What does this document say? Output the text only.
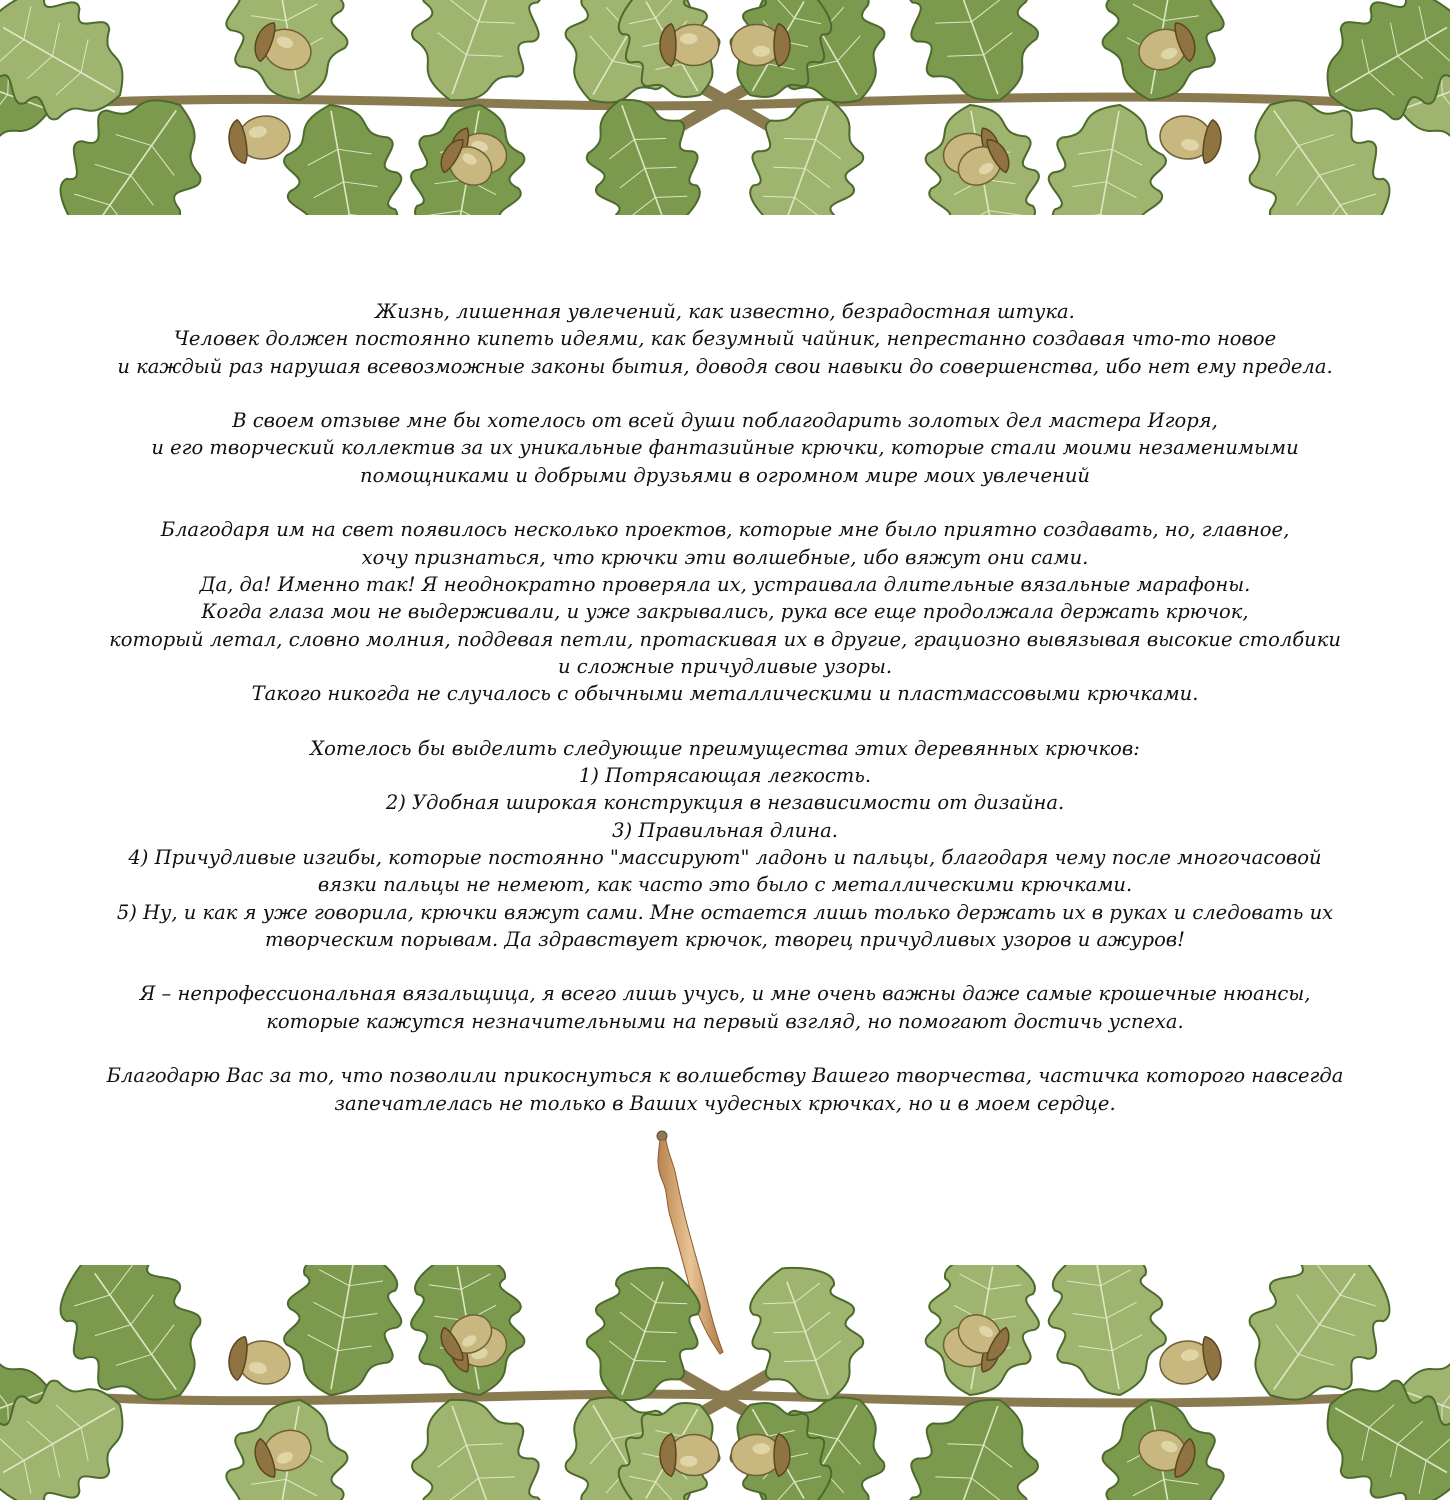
Жизнь, лишенная увлечений, как известно, безрадостная штука.
Человек должен постоянно кипеть идеями, как безумный чайник, непрестанно создавая что-то новое
и каждый раз нарушая всевозможные законы бытия, доводя свои навыки до совершенства, ибо нет ему предела.

В своем отзыве мне бы хотелось от всей души поблагодарить золотых дел мастера Игоря,
и его творческий коллектив за их уникальные фантазийные крючки, которые стали моими незаменимыми
помощниками и добрыми друзьями в огромном мире моих увлечений

Благодаря им на свет появилось несколько проектов, которые мне было приятно создавать, но, главное,
хочу признаться, что крючки эти волшебные, ибо вяжут они сами.
Да, да! Именно так! Я неоднократно проверяла их, устраивала длительные вязальные марафоны.
Когда глаза мои не выдерживали, и уже закрывались, рука все еще продолжала держать крючок,
который летал, словно молния, поддевая петли, протаскивая их в другие, грациозно вывязывая высокие столбики
и сложные причудливые узоры.
Такого никогда не случалось с обычными металлическими и пластмассовыми крючками.

Хотелось бы выделить следующие преимущества этих деревянных крючков:
1) Потрясающая легкость.
2) Удобная широкая конструкция в независимости от дизайна.
3) Правильная длина.
4) Причудливые изгибы, которые постоянно "массируют" ладонь и пальцы, благодаря чему после многочасовой
вязки пальцы не немеют, как часто это было с металлическими крючками.
5) Ну, и как я уже говорила, крючки вяжут сами. Мне остается лишь только держать их в руках и следовать их
творческим порывам. Да здравствует крючок, творец причудливых узоров и ажуров!

Я – непрофессиональная вязальщица, я всего лишь учусь, и мне очень важны даже самые крошечные нюансы,
которые кажутся незначительными на первый взгляд, но помогают достичь успеха.

Благодарю Вас за то, что позволили прикоснуться к волшебству Вашего творчества, частичка которого навсегда
запечатлелась не только в Ваших чудесных крючках, но и в моем сердце.
